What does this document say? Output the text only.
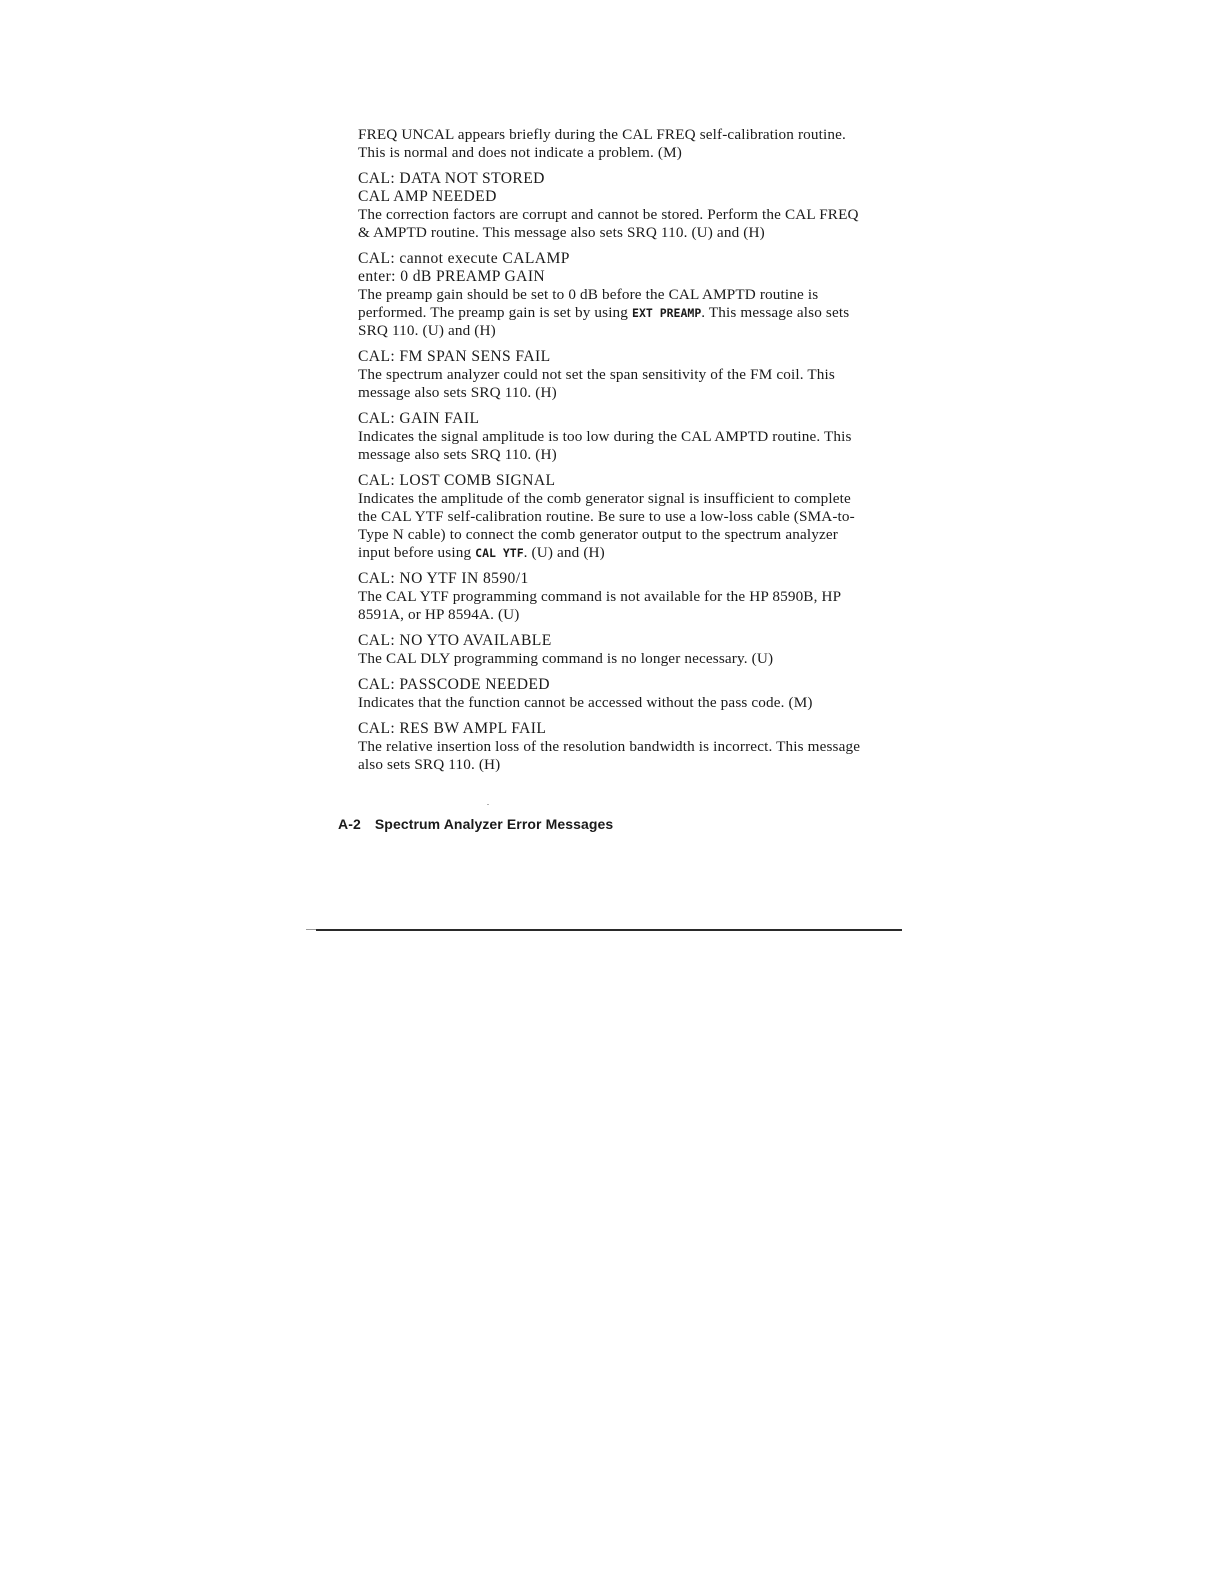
FREQ UNCAL appears briefly during the CAL FREQ self-calibration routine. This is normal and does not indicate a problem. (M)

CAL: DATA NOT STORED
CAL AMP NEEDED
The correction factors are corrupt and cannot be stored. Perform the CAL FREQ & AMPTD routine. This message also sets SRQ 110. (U) and (H)
CAL: cannot execute CALAMP
enter: 0 dB PREAMP GAIN
The preamp gain should be set to 0 dB before the CAL AMPTD routine is performed. The preamp gain is set by using EXT PREAMP. This message also sets SRQ 110. (U) and (H)
CAL: FM SPAN SENS FAIL
The spectrum analyzer could not set the span sensitivity of the FM coil. This message also sets SRQ 110. (H)
CAL: GAIN FAIL
Indicates the signal amplitude is too low during the CAL AMPTD routine. This message also sets SRQ 110. (H)
CAL: LOST COMB SIGNAL
Indicates the amplitude of the comb generator signal is insufficient to complete the CAL YTF self-calibration routine. Be sure to use a low-loss cable (SMA-to-Type N cable) to connect the comb generator output to the spectrum analyzer input before using CAL YTF. (U) and (H)
CAL: NO YTF IN 8590/1
The CAL YTF programming command is not available for the HP 8590B, HP 8591A, or HP 8594A. (U)
CAL: NO YTO AVAILABLE
The CAL DLY programming command is no longer necessary. (U)
CAL: PASSCODE NEEDED
Indicates that the function cannot be accessed without the pass code. (M)
CAL: RES BW AMPL FAIL
The relative insertion loss of the resolution bandwidth is incorrect. This message also sets SRQ 110. (H)
A-2 Spectrum Analyzer Error Messages
